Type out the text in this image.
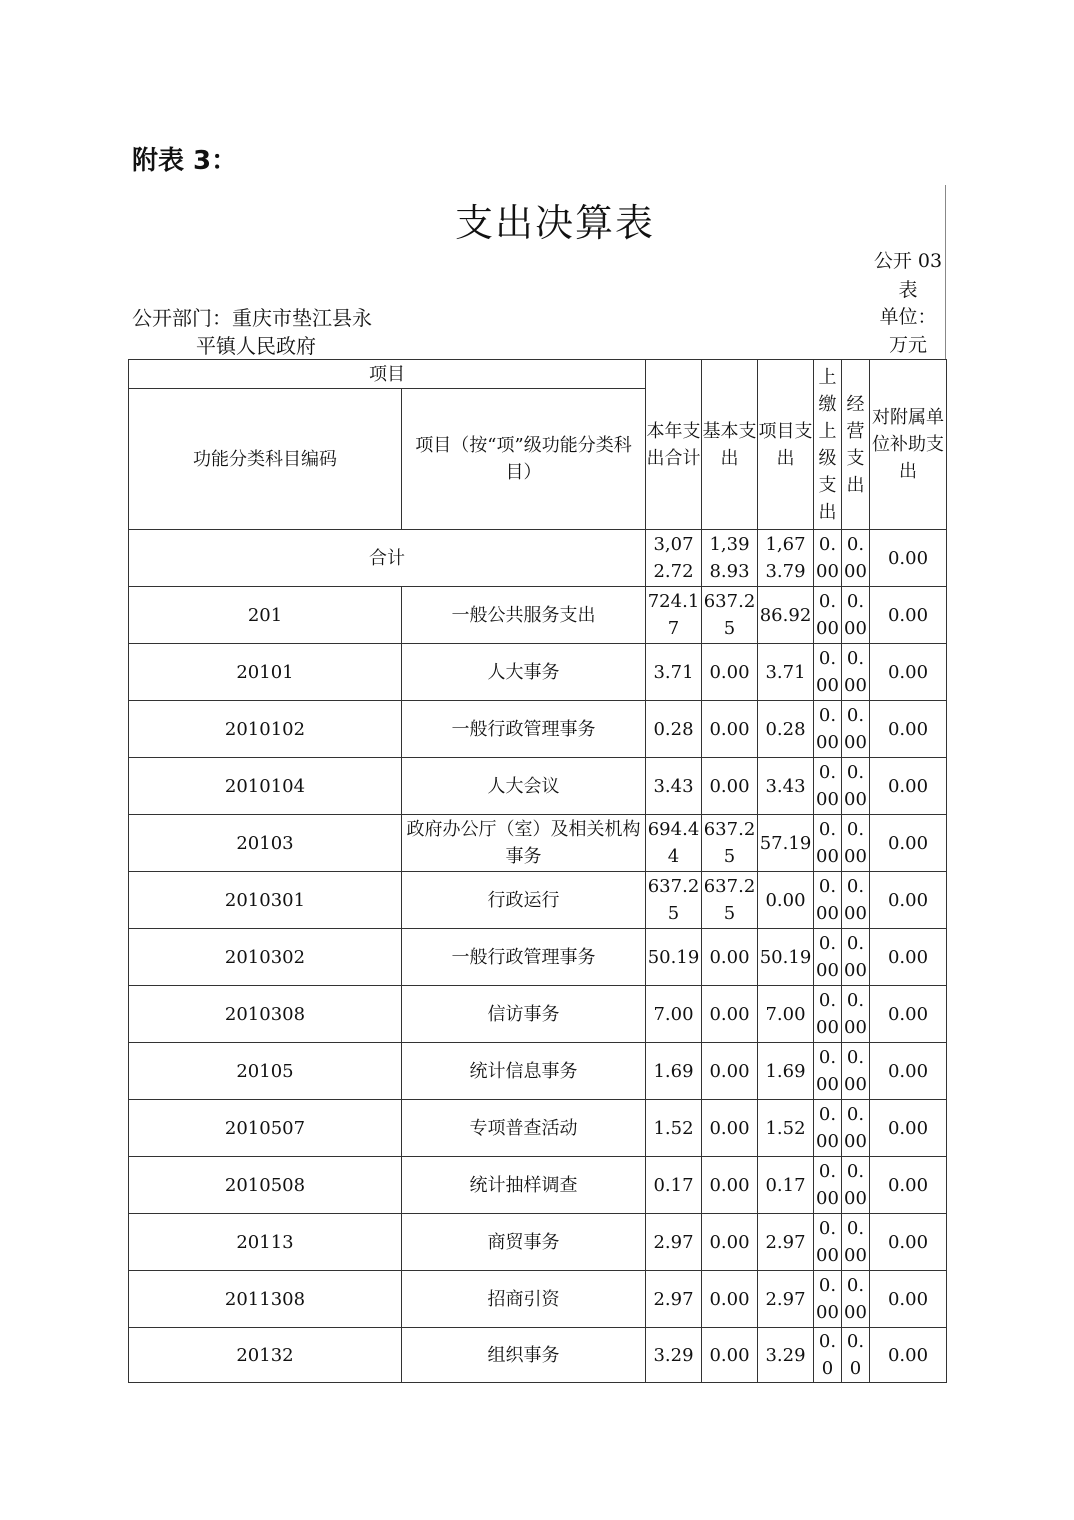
附表 3：
支出决算表
公开 03 表
公开部门：重庆市垫江县永
平镇人民政府
单位：万元
项目		本年支出合计	基本支出	项目支出	上缴上级支出	经营支出	对附属单位补助支出
功能分类科目编码	项目（按“项”级功能分类科目）						
合计		3,072.72	1,398.93	1,673.79	0.00	0.00	0.00
201	一般公共服务支出	724.17	637.25	86.92	0.00	0.00	0.00
20101	人大事务	3.71	0.00	3.71	0.00	0.00	0.00
2010102	一般行政管理事务	0.28	0.00	0.28	0.00	0.00	0.00
2010104	人大会议	3.43	0.00	3.43	0.00	0.00	0.00
20103	政府办公厅（室）及相关机构事务	694.44	637.25	57.19	0.00	0.00	0.00
2010301	行政运行	637.25	637.25	0.00	0.00	0.00	0.00
2010302	一般行政管理事务	50.19	0.00	50.19	0.00	0.00	0.00
2010308	信访事务	7.00	0.00	7.00	0.00	0.00	0.00
20105	统计信息事务	1.69	0.00	1.69	0.00	0.00	0.00
2010507	专项普查活动	1.52	0.00	1.52	0.00	0.00	0.00
2010508	统计抽样调查	0.17	0.00	0.17	0.00	0.00	0.00
20113	商贸事务	2.97	0.00	2.97	0.00	0.00	0.00
2011308	招商引资	2.97	0.00	2.97	0.00	0.00	0.00
20132	组织事务	3.29	0.00	3.29	0.0	0.0	0.00
